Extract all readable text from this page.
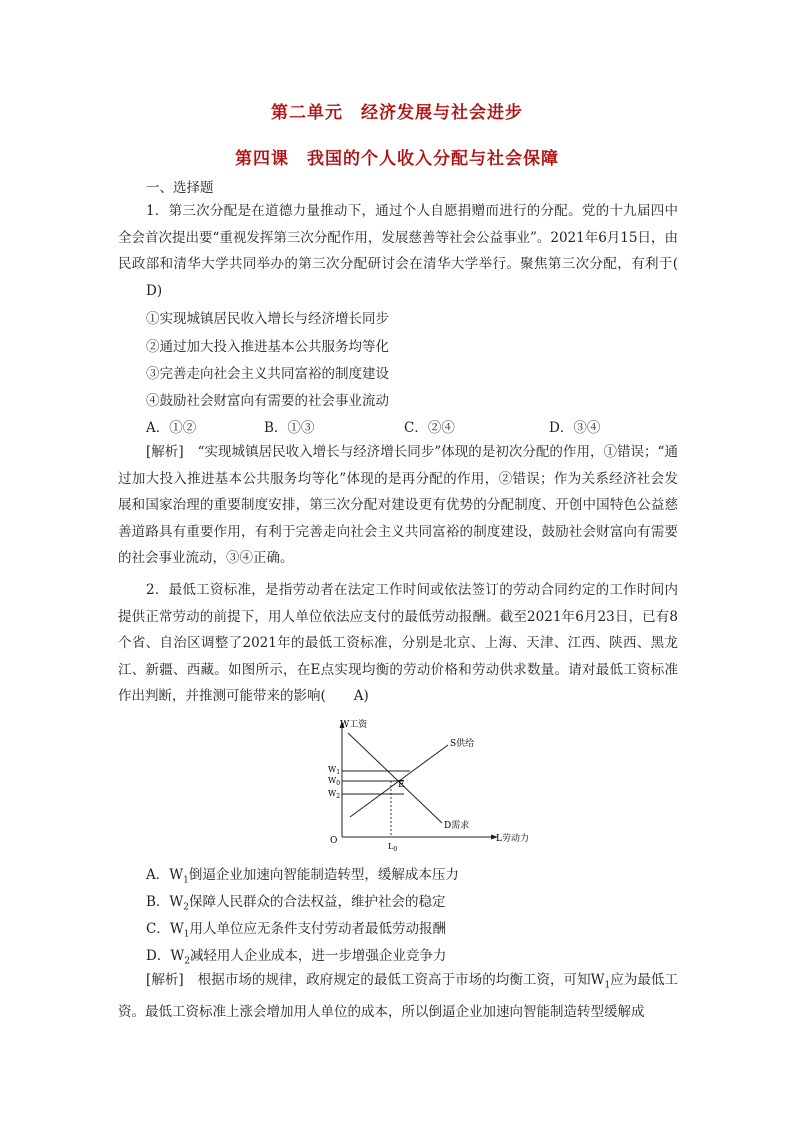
第二单元　经济发展与社会进步
第四课　我国的个人收入分配与社会保障
一、选择题

1．第三次分配是在道德力量推动下，通过个人自愿捐赠而进行的分配。党的十九届四中全会首次提出要“重视发挥第三次分配作用，发展慈善等社会公益事业”。2021年6月15日，由民政部和清华大学共同举办的第三次分配研讨会在清华大学举行。聚焦第三次分配，有利于(D)

①实现城镇居民收入增长与经济增长同步
②通过加大投入推进基本公共服务均等化
③完善走向社会主义共同富裕的制度建设
④鼓励社会财富向有需要的社会事业流动
A．①②	B．①③	C．②④	D．③④

[解析] “实现城镇居民收入增长与经济增长同步”体现的是初次分配的作用，①错误；“通过加大投入推进基本公共服务均等化”体现的是再分配的作用，②错误；作为关系经济社会发展和国家治理的重要制度安排，第三次分配对建设更有优势的分配制度、开创中国特色公益慈善道路具有重要作用，有利于完善走向社会主义共同富裕的制度建设，鼓励社会财富向有需要的社会事业流动，③④正确。

2．最低工资标准，是指劳动者在法定工作时间或依法签订的劳动合同约定的工作时间内提供正常劳动的前提下，用人单位依法应支付的最低劳动报酬。截至2021年6月23日，已有8个省、自治区调整了2021年的最低工资标准，分别是北京、上海、天津、江西、陕西、黑龙江、新疆、西藏。如图所示，在E点实现均衡的劳动价格和劳动供求数量。请对最低工资标准作出判断，并推测可能带来的影响( A)

W工资
L劳动力
O
S供给
D需求
E
$W_1$
$W_0$
$W_2$
$L_0$
A．$W_1$倒逼企业加速向智能制造转型，缓解成本压力
B．$W_2$保障人民群众的合法权益，维护社会的稳定
C．$W_1$用人单位应无条件支付劳动者最低劳动报酬
D．$W_2$减轻用人企业成本，进一步增强企业竞争力

[解析] 根据市场的规律，政府规定的最低工资高于市场的均衡工资，可知$W_1$应为最低工资。最低工资标准上涨会增加用人单位的成本，所以倒逼企业加速向智能制造转型缓解成
